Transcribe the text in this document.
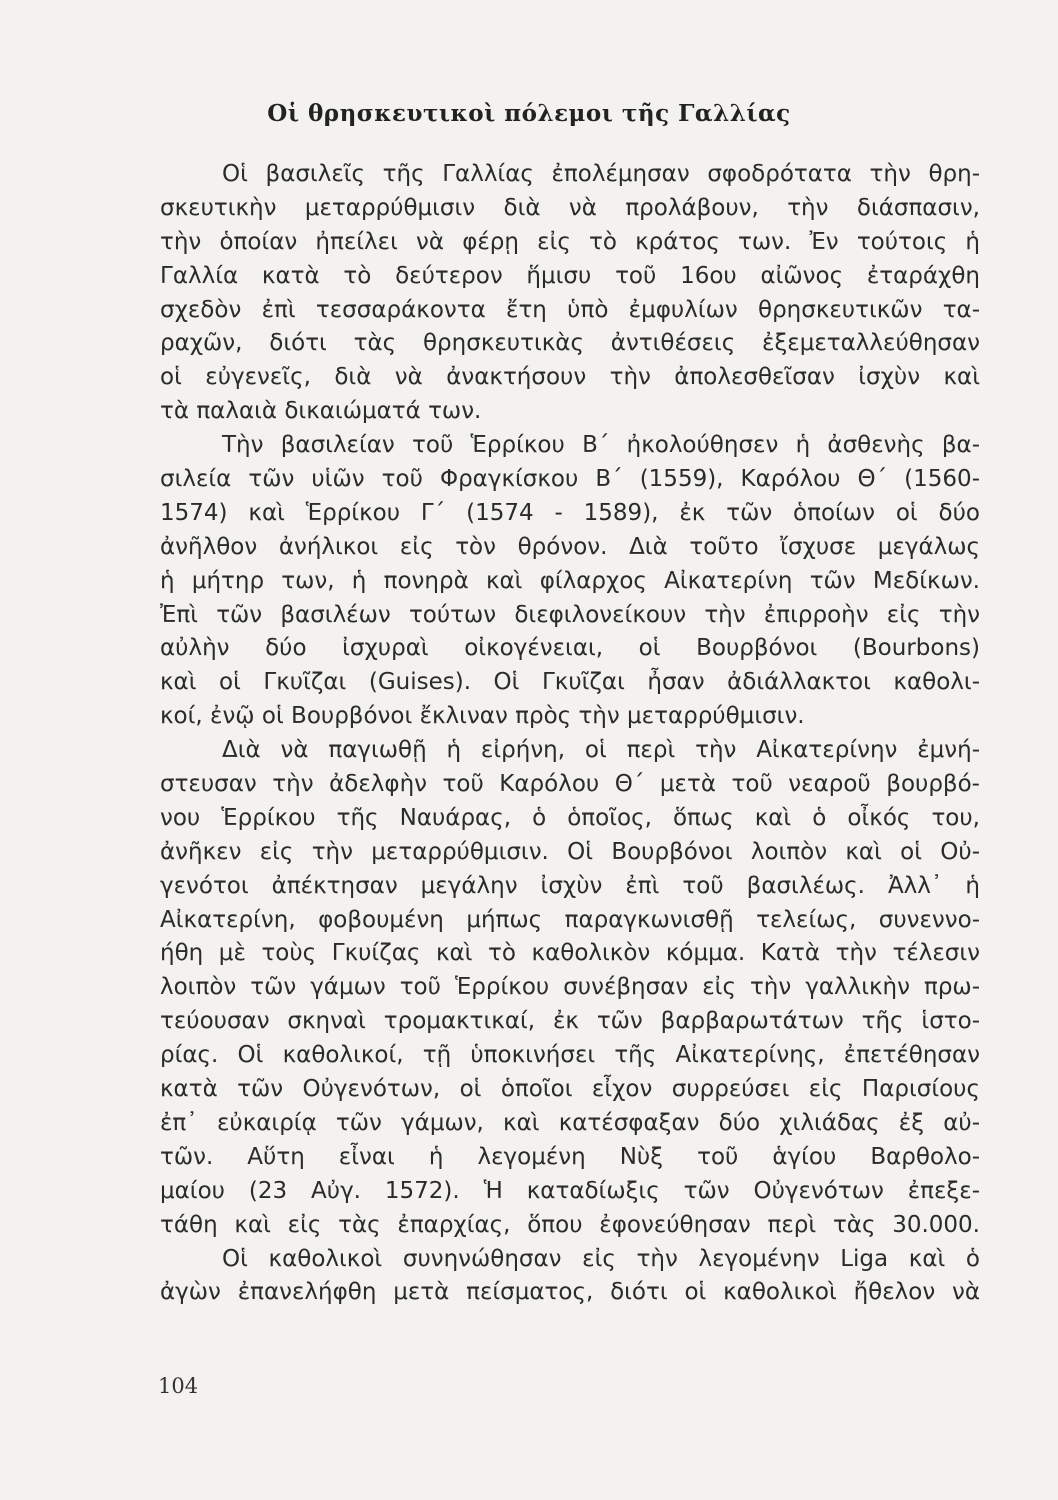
Οἱ θρησκευτικοὶ πόλεμοι τῆς Γαλλίας
Οἱ βασιλεῖς τῆς Γαλλίας ἐπολέμησαν σφοδρότατα τὴν θρη-
σκευτικὴν μεταρρύθμισιν διὰ νὰ προλάβουν, τὴν διάσπασιν,
τὴν ὁποίαν ἠπείλει νὰ φέρῃ εἰς τὸ κράτος των. Ἐν τούτοις ἡ
Γαλλία κατὰ τὸ δεύτερον ἥμισυ τοῦ 16ου αἰῶνος ἐταράχθη
σχεδὸν ἐπὶ τεσσαράκοντα ἔτη ὑπὸ ἐμφυλίων θρησκευτικῶν τα-
ραχῶν, διότι τὰς θρησκευτικὰς ἀντιθέσεις ἐξεμεταλλεύθησαν
οἱ εὐγενεῖς, διὰ νὰ ἀνακτήσουν τὴν ἀπολεσθεῖσαν ἰσχὺν καὶ
τὰ παλαιὰ δικαιώματά των.
Τὴν βασιλείαν τοῦ Ἑρρίκου Β΄ ἠκολούθησεν ἡ ἀσθενὴς βα-
σιλεία τῶν υἱῶν τοῦ Φραγκίσκου Β΄ (1559), Καρόλου Θ΄ (1560-
1574) καὶ Ἑρρίκου Γ΄ (1574 - 1589), ἐκ τῶν ὁποίων οἱ δύο
ἀνῆλθον ἀνήλικοι εἰς τὸν θρόνον. Διὰ τοῦτο ἴσχυσε μεγάλως
ἡ μήτηρ των, ἡ πονηρὰ καὶ φίλαρχος Αἰκατερίνη τῶν Μεδίκων.
Ἐπὶ τῶν βασιλέων τούτων διεφιλονείκουν τὴν ἐπιρροὴν εἰς τὴν
αὐλὴν δύο ἰσχυραὶ οἰκογένειαι, οἱ Βουρβόνοι (Bourbons)
καὶ οἱ Γκυῖζαι (Guises). Οἱ Γκυῖζαι ἦσαν ἀδιάλλακτοι καθολι-
κοί, ἐνῷ οἱ Βουρβόνοι ἔκλιναν πρὸς τὴν μεταρρύθμισιν.
Διὰ νὰ παγιωθῇ ἡ εἰρήνη, οἱ περὶ τὴν Αἰκατερίνην ἐμνή-
στευσαν τὴν ἀδελφὴν τοῦ Καρόλου Θ΄ μετὰ τοῦ νεαροῦ βουρβό-
νου Ἑρρίκου τῆς Ναυάρας, ὁ ὁποῖος, ὅπως καὶ ὁ οἶκός του,
ἀνῆκεν εἰς τὴν μεταρρύθμισιν. Οἱ Βουρβόνοι λοιπὸν καὶ οἱ Οὐ-
γενότοι ἀπέκτησαν μεγάλην ἰσχὺν ἐπὶ τοῦ βασιλέως. Ἀλλ᾽ ἡ
Αἰκατερίνη, φοβουμένη μήπως παραγκωνισθῇ τελείως, συνεννο-
ήθη μὲ τοὺς Γκυίζας καὶ τὸ καθολικὸν κόμμα. Κατὰ τὴν τέλεσιν
λοιπὸν τῶν γάμων τοῦ Ἑρρίκου συνέβησαν εἰς τὴν γαλλικὴν πρω-
τεύουσαν σκηναὶ τρομακτικαί, ἐκ τῶν βαρβαρωτάτων τῆς ἱστο-
ρίας. Οἱ καθολικοί, τῇ ὑποκινήσει τῆς Αἰκατερίνης, ἐπετέθησαν
κατὰ τῶν Οὐγενότων, οἱ ὁποῖοι εἶχον συρρεύσει εἰς Παρισίους
ἐπ᾽ εὐκαιρίᾳ τῶν γάμων, καὶ κατέσφαξαν δύο χιλιάδας ἐξ αὐ-
τῶν. Αὕτη εἶναι ἡ λεγομένη Νὺξ τοῦ ἁγίου Βαρθολο-
μαίου (23 Αὐγ. 1572). Ἡ καταδίωξις τῶν Οὐγενότων ἐπεξε-
τάθη καὶ εἰς τὰς ἐπαρχίας, ὅπου ἐφονεύθησαν περὶ τὰς 30.000.
Οἱ καθολικοὶ συνηνώθησαν εἰς τὴν λεγομένην Liga καὶ ὁ
ἀγὼν ἐπανελήφθη μετὰ πείσματος, διότι οἱ καθολικοὶ ἤθελον νὰ
104
